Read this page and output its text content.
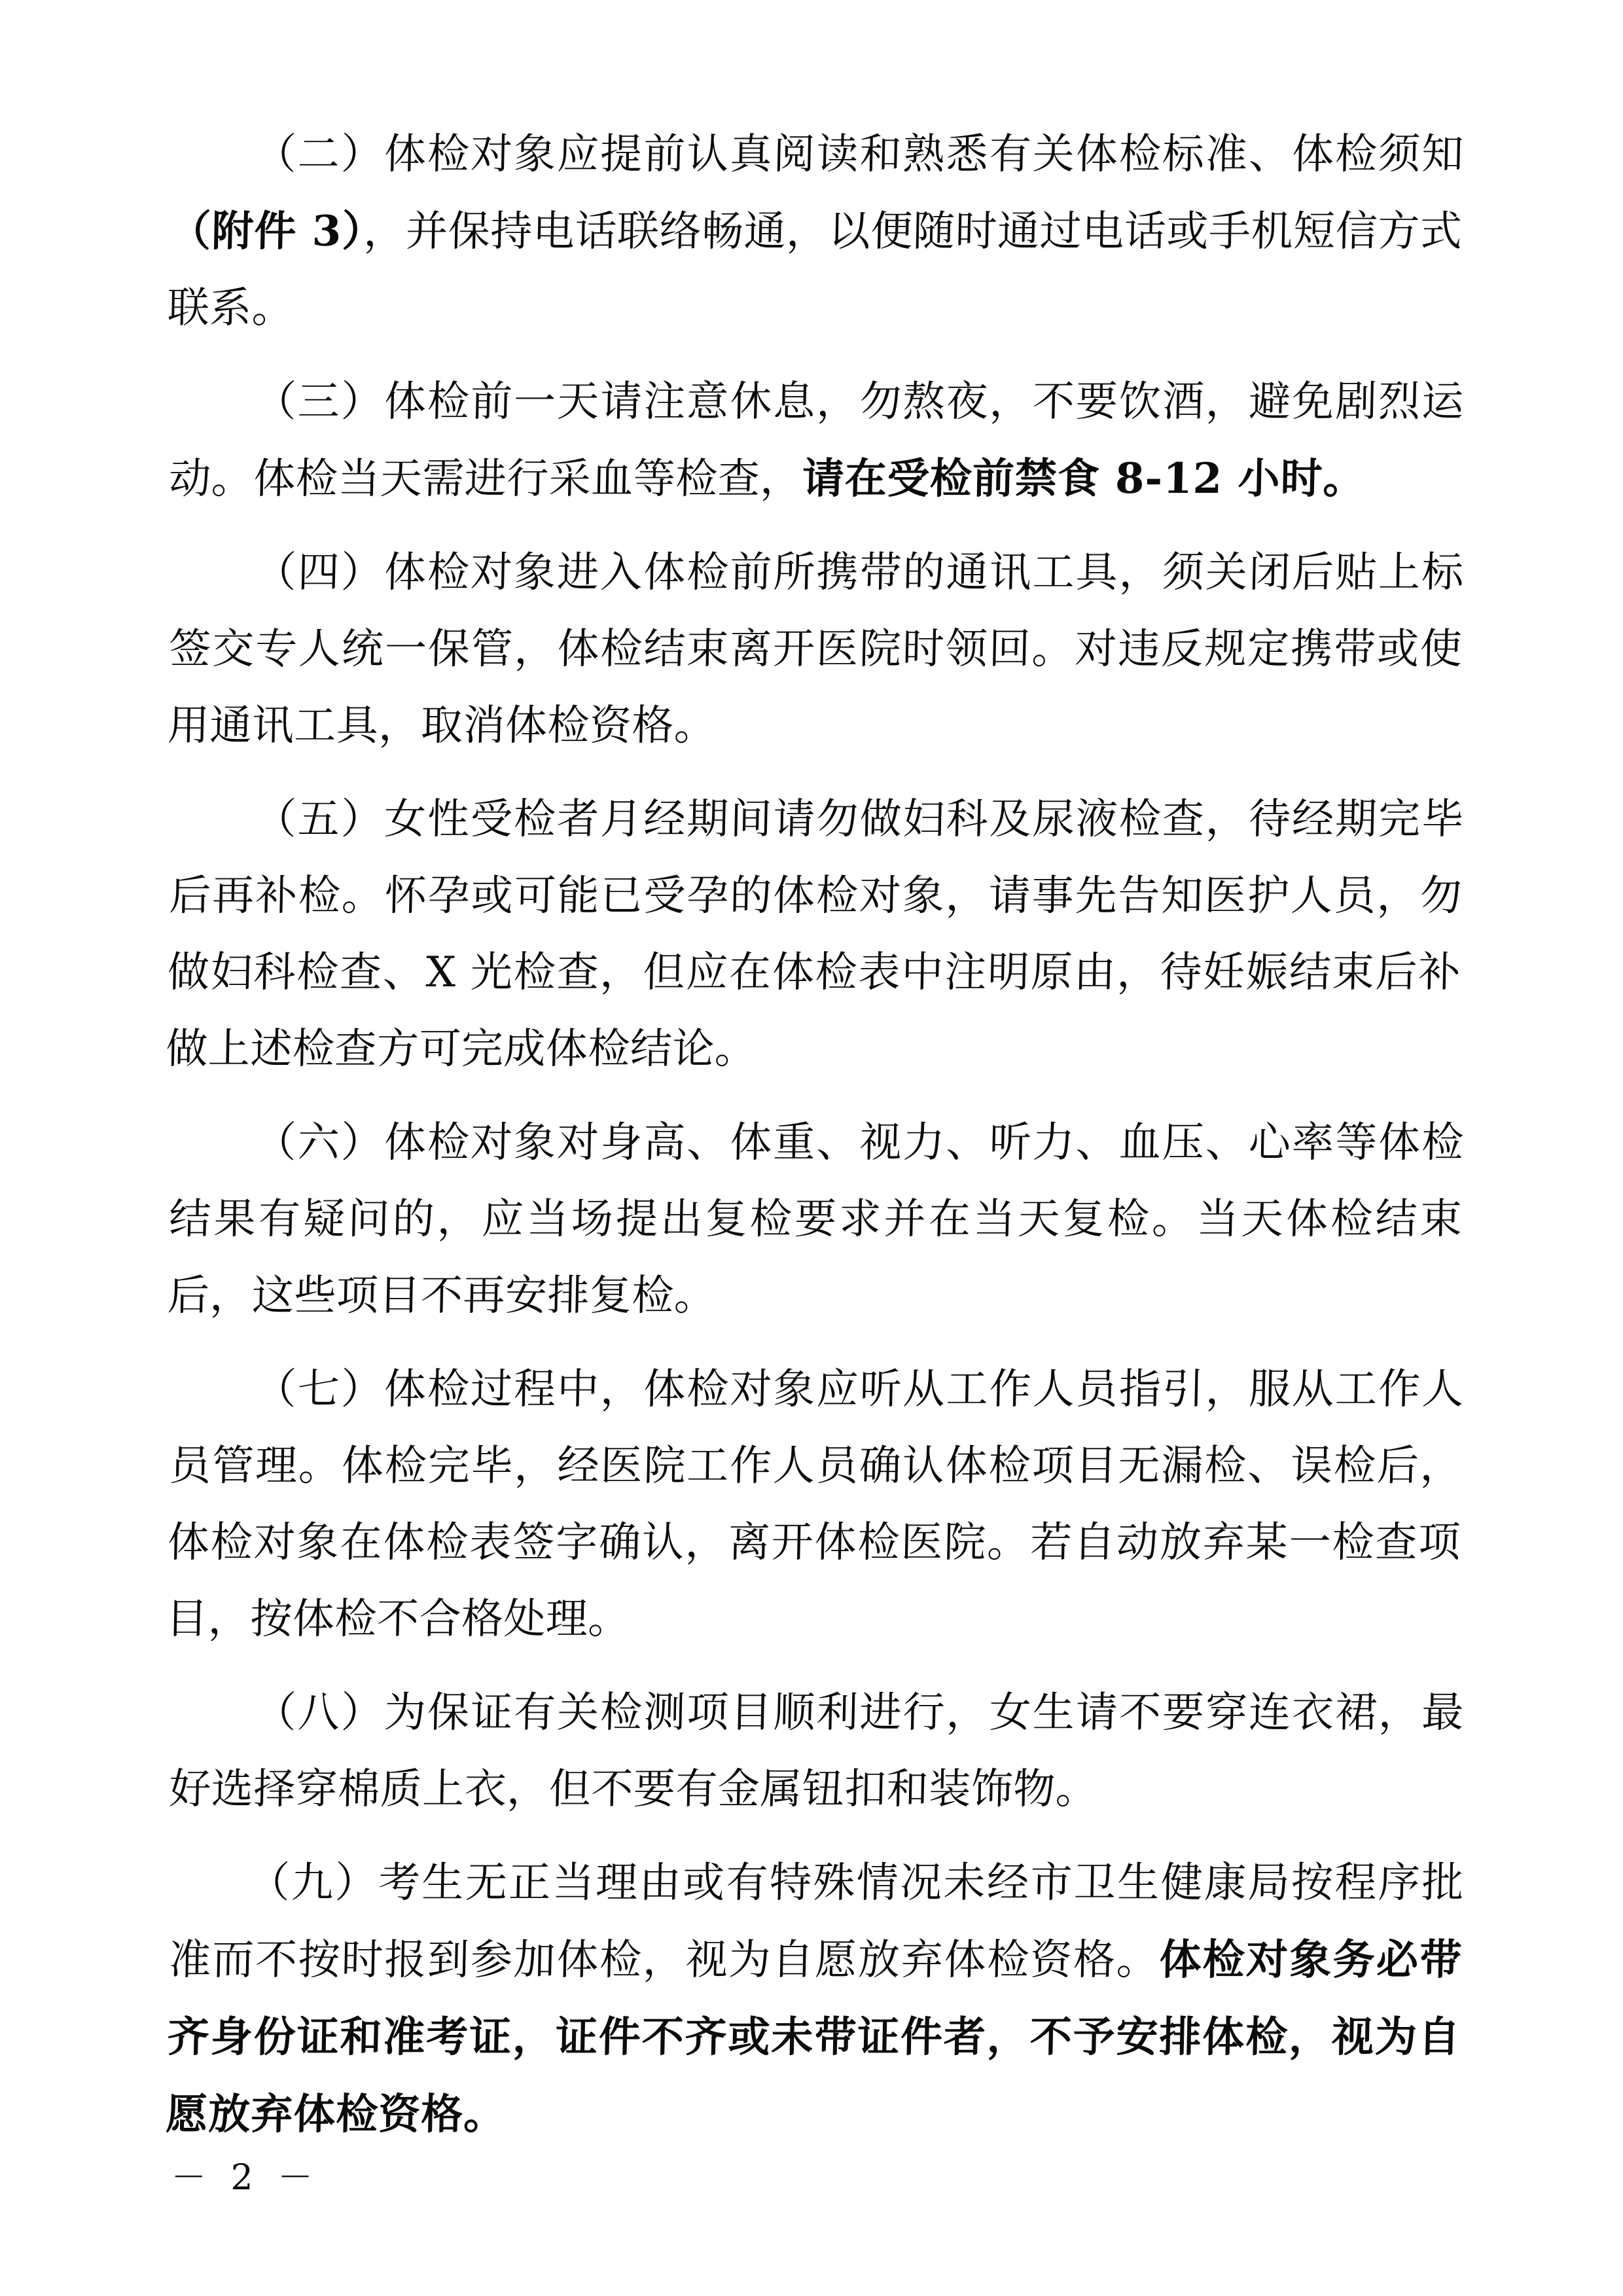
（二）体检对象应提前认真阅读和熟悉有关体检标准、体检须知（附件 3），并保持电话联络畅通，以便随时通过电话或手机短信方式联系。

（三）体检前一天请注意休息，勿熬夜，不要饮酒，避免剧烈运动。体检当天需进行采血等检查，请在受检前禁食 8-12 小时。

（四）体检对象进入体检前所携带的通讯工具，须关闭后贴上标签交专人统一保管，体检结束离开医院时领回。对违反规定携带或使用通讯工具，取消体检资格。

（五）女性受检者月经期间请勿做妇科及尿液检查，待经期完毕后再补检。怀孕或可能已受孕的体检对象，请事先告知医护人员，勿做妇科检查、X 光检查，但应在体检表中注明原由，待妊娠结束后补做上述检查方可完成体检结论。

（六）体检对象对身高、体重、视力、听力、血压、心率等体检结果有疑问的，应当场提出复检要求并在当天复检。当天体检结束后，这些项目不再安排复检。

（七）体检过程中，体检对象应听从工作人员指引，服从工作人员管理。体检完毕，经医院工作人员确认体检项目无漏检、误检后，体检对象在体检表签字确认，离开体检医院。若自动放弃某一检查项目，按体检不合格处理。

（八）为保证有关检测项目顺利进行，女生请不要穿连衣裙，最好选择穿棉质上衣，但不要有金属钮扣和装饰物。

（九）考生无正当理由或有特殊情况未经市卫生健康局按程序批准而不按时报到参加体检，视为自愿放弃体检资格。体检对象务必带齐身份证和准考证，证件不齐或未带证件者，不予安排体检，视为自愿放弃体检资格。

－ 2 －
